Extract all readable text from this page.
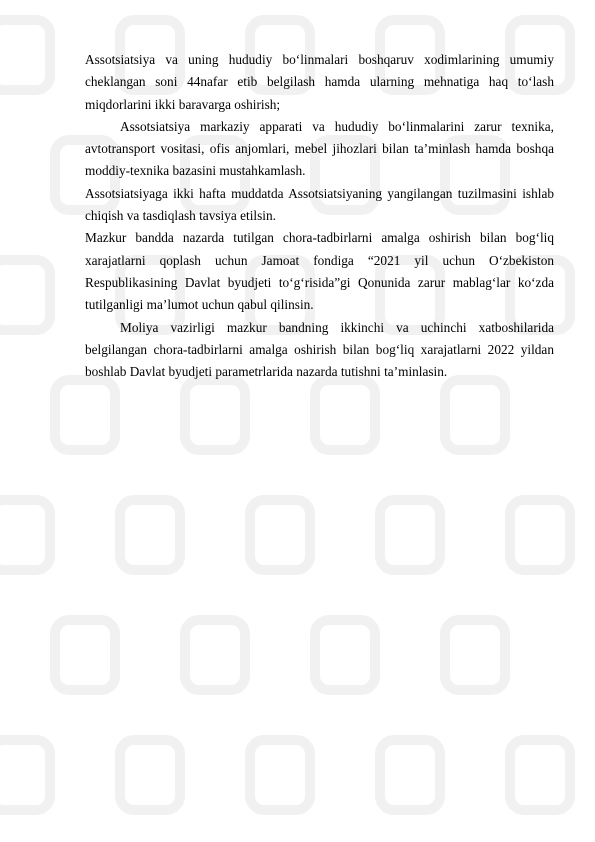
Assotsiatsiya va uning hududiy bo‘linmalari boshqaruv xodimlarining umumiy cheklangan soni 44nafar etib belgilash hamda ularning mehnatiga haq to‘lash miqdorlarini ikki baravarga oshirish;

Assotsiatsiya markaziy apparati va hududiy bo‘linmalarini zarur texnika, avtotransport vositasi, ofis anjomlari, mebel jihozlari bilan ta’minlash hamda boshqa moddiy-texnika bazasini mustahkamlash.

Assotsiatsiyaga ikki hafta muddatda Assotsiatsiyaning yangilangan tuzilmasini ishlab chiqish va tasdiqlash tavsiya etilsin.

Mazkur bandda nazarda tutilgan chora-tadbirlarni amalga oshirish bilan bog‘liq xarajatlarni qoplash uchun Jamoat fondiga “2021 yil uchun O‘zbekiston Respublikasining Davlat byudjeti to‘g‘risida”gi Qonunida zarur mablag‘lar ko‘zda tutilganligi ma’lumot uchun qabul qilinsin.

Moliya vazirligi mazkur bandning ikkinchi va uchinchi xatboshilarida belgilangan chora-tadbirlarni amalga oshirish bilan bog‘liq xarajatlarni 2022 yildan boshlab Davlat byudjeti parametrlarida nazarda tutishni ta’minlasin.
